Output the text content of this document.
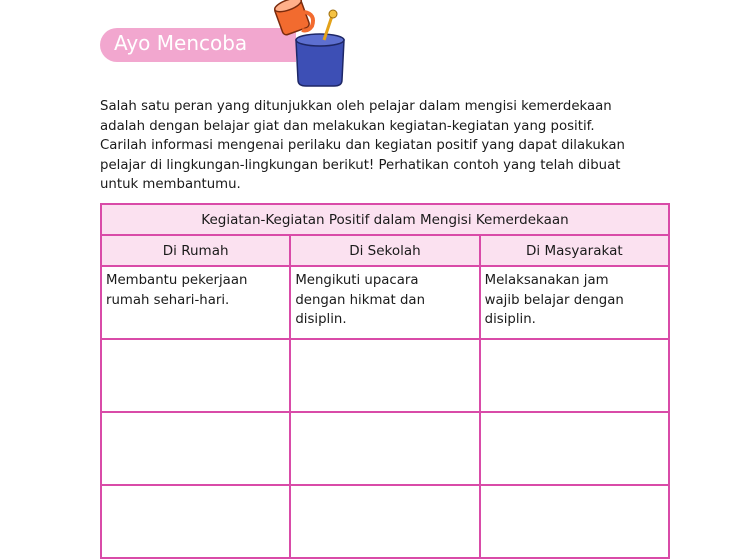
Ayo Mencoba

Salah satu peran yang ditunjukkan oleh pelajar dalam mengisi kemerdekaan
adalah dengan belajar giat dan melakukan kegiatan-kegiatan yang positif.
Carilah informasi mengenai perilaku dan kegiatan positif yang dapat dilakukan
pelajar di lingkungan-lingkungan berikut! Perhatikan contoh yang telah dibuat
untuk membantumu.

Kegiatan-Kegiatan Positif dalam Mengisi Kemerdekaan		
Di Rumah	Di Sekolah	Di Masyarakat

Membantu pekerjaan rumah sehari-hari.	Mengikuti upacara dengan hikmat dan disiplin.	Melaksanakan jam wajib belajar dengan disiplin.
